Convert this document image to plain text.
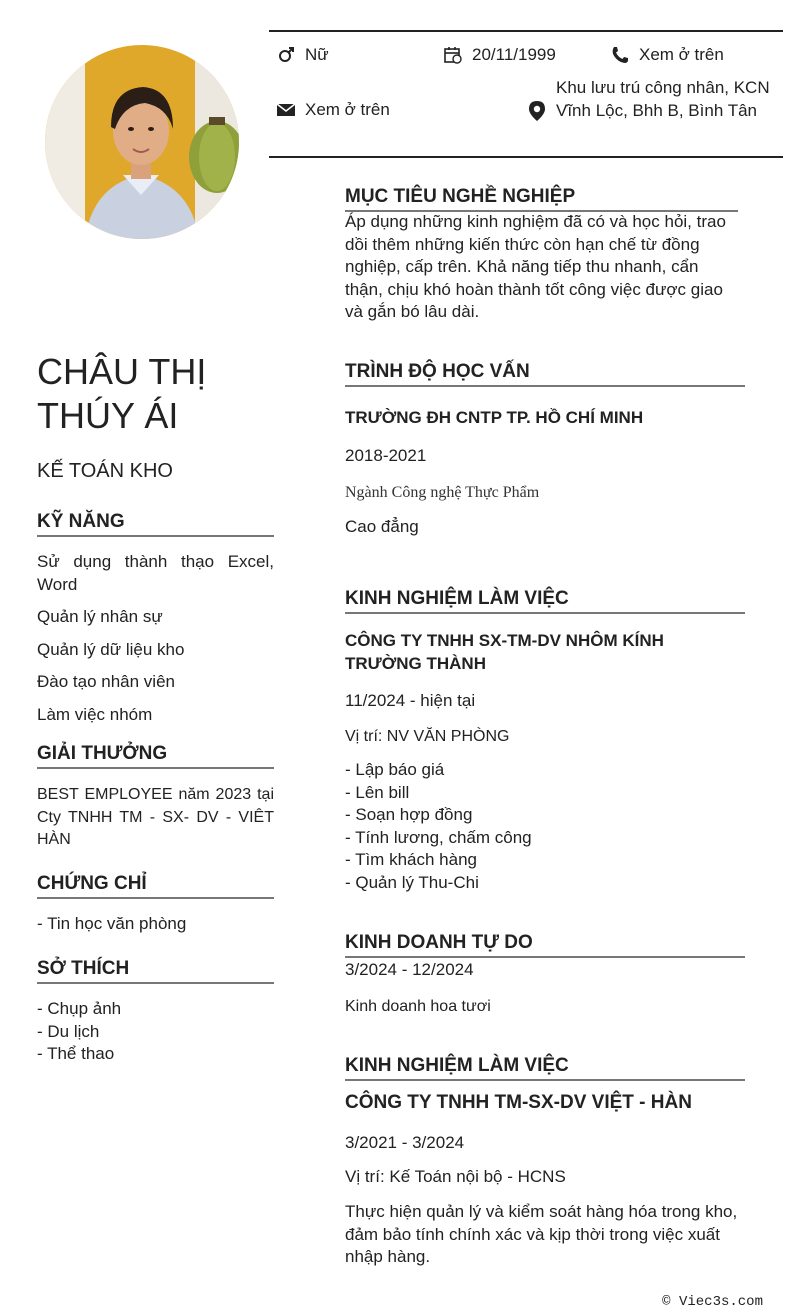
Nữ	20/11/1999	Xem ở trên
Xem ở trên
Khu lưu trú công nhân, KCN Vĩnh Lộc, Bhh B, Bình Tân
CHÂU THỊ THÚY ÁI
KẾ TOÁN KHO
KỸ NĂNG
Sử dụng thành thạo Excel, Word
Quản lý nhân sự
Quản lý dữ liệu kho
Đào tạo nhân viên
Làm việc nhóm
GIẢI THƯỞNG
BEST EMPLOYEE năm 2023 tại Cty TNHH TM - SX- DV - VIÊT HÀN
CHỨNG CHỈ
- Tin học văn phòng
SỞ THÍCH
- Chụp ảnh
- Du lịch
- Thể thao
MỤC TIÊU NGHỀ NGHIỆP
Áp dụng những kinh nghiệm đã có và học hỏi, trao dồi thêm những kiến thức còn hạn chế từ đồng nghiệp, cấp trên. Khả năng tiếp thu nhanh, cẩn thận, chịu khó hoàn thành tốt công việc được giao và gắn bó lâu dài.
TRÌNH ĐỘ HỌC VẤN
TRƯỜNG ĐH CNTP TP. HỒ CHÍ MINH
2018-2021
Ngành Công nghệ Thực Phẩm
Cao đẳng
KINH NGHIỆM LÀM VIỆC
CÔNG TY TNHH SX-TM-DV NHÔM KÍNH TRƯỜNG THÀNH
11/2024 - hiện tại
Vị trí: NV VĂN PHÒNG
- Lập báo giá
- Lên bill
- Soạn hợp đồng
- Tính lương, chấm công
- Tìm khách hàng
- Quản lý Thu-Chi
KINH DOANH TỰ DO
3/2024 - 12/2024
Kinh doanh hoa tươi
KINH NGHIỆM LÀM VIỆC
CÔNG TY TNHH TM-SX-DV VIỆT - HÀN
3/2021 - 3/2024
Vị trí: Kế Toán nội bộ - HCNS
Thực hiện quản lý và kiểm soát hàng hóa trong kho, đảm bảo tính chính xác và kịp thời trong việc xuất nhập hàng.
© Viec3s.com
